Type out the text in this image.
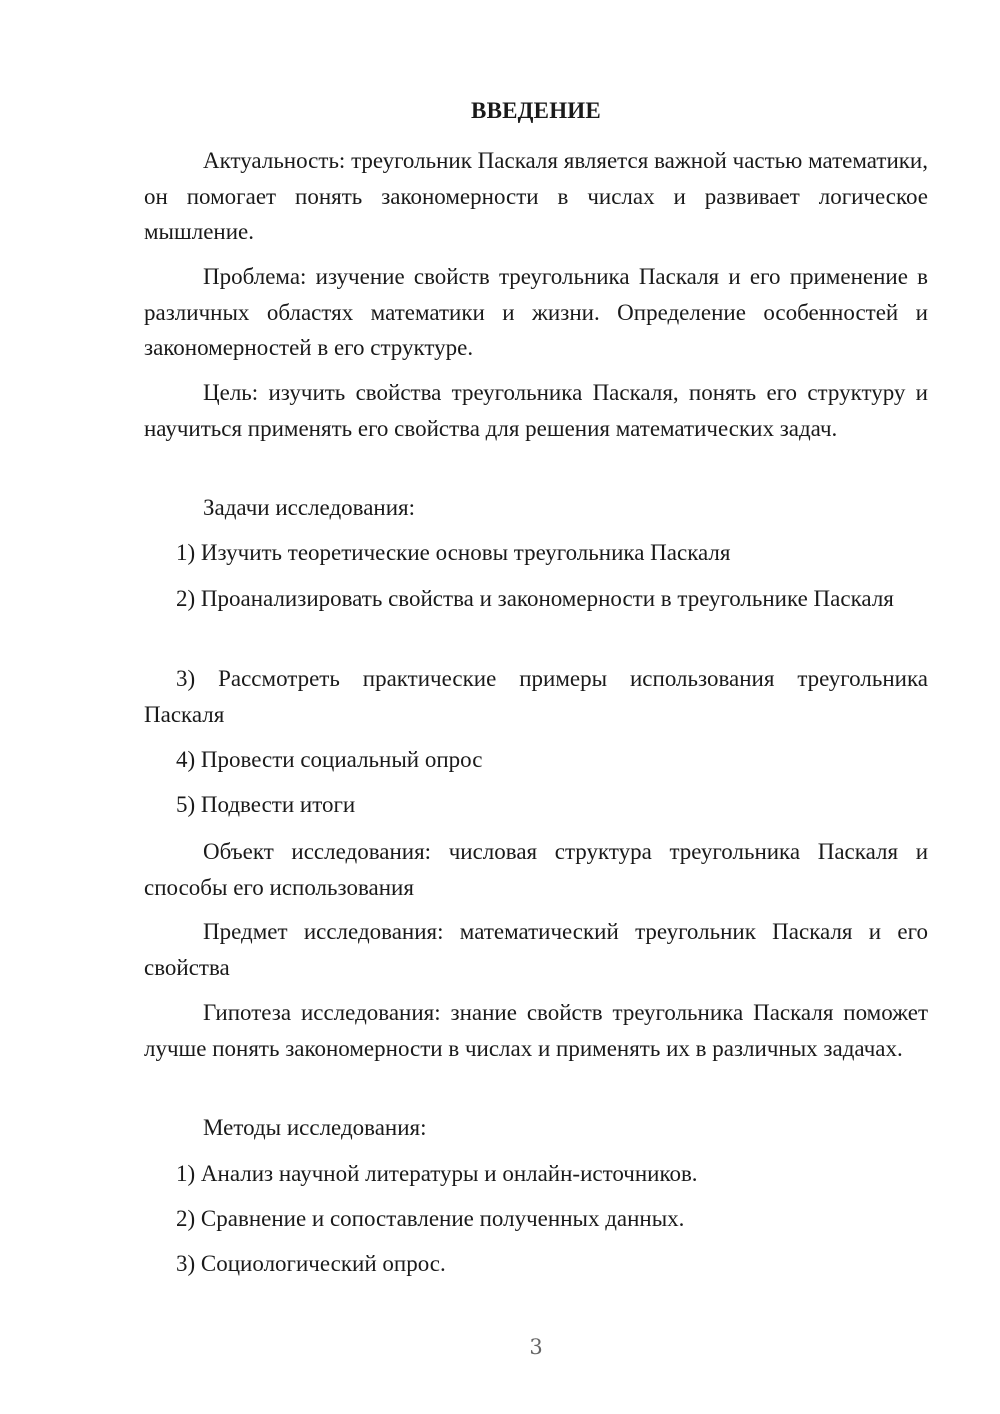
ВВЕДЕНИЕ

Актуальность: треугольник Паскаля является важной частью математики, он помогает понять закономерности в числах и развивает логическое мышление.

Проблема: изучение свойств треугольника Паскаля и его применение в различных областях математики и жизни. Определение особенностей и закономерностей в его структуре.

Цель: изучить свойства треугольника Паскаля, понять его структуру и научиться применять его свойства для решения математических задач.

Задачи исследования:

1) Изучить теоретические основы треугольника Паскаля

2) Проанализировать свойства и закономерности в треугольнике Паскаля

3) Рассмотреть практические примеры использования треугольника Паскаля

4) Провести социальный опрос

5) Подвести итоги

Объект исследования: числовая структура треугольника Паскаля и способы его использования

Предмет исследования: математический треугольник Паскаля и его свойства

Гипотеза исследования: знание свойств треугольника Паскаля поможет лучше понять закономерности в числах и применять их в различных задачах.

Методы исследования:

1) Анализ научной литературы и онлайн-источников.

2) Сравнение и сопоставление полученных данных.

3) Социологический опрос.

3
